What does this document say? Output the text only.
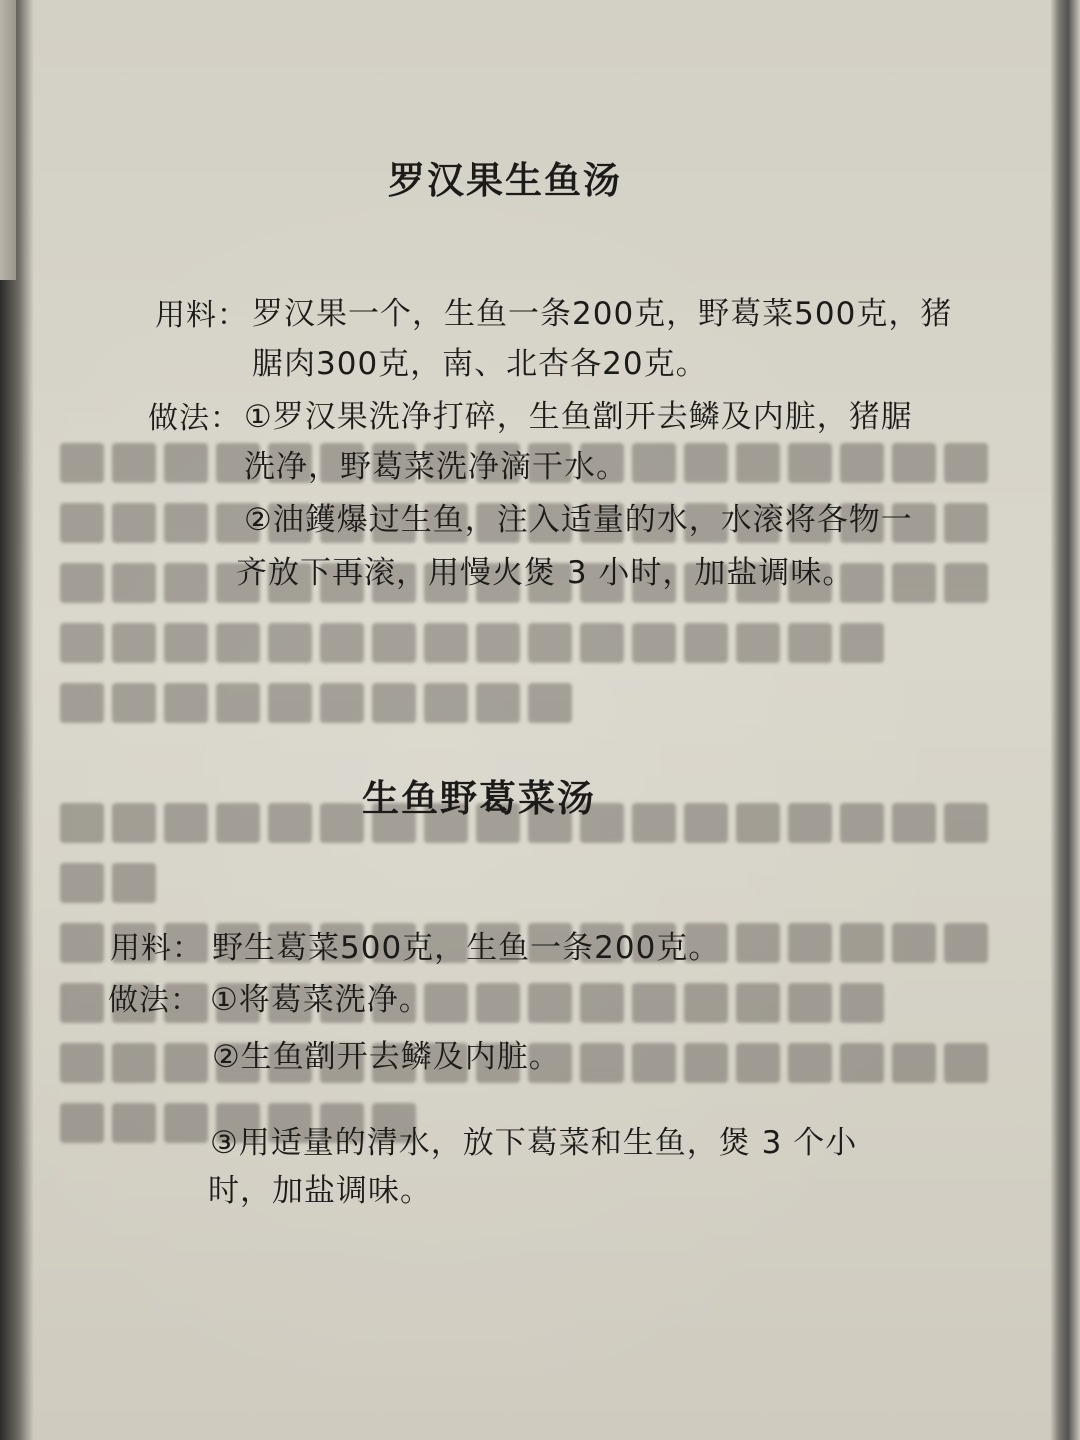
罗汉果生鱼汤
用料： 罗汉果一个，生鱼一条200克，野葛菜500克，猪
腒肉300克，南、北杏各20克。
做法： ①罗汉果洗净打碎，生鱼劏开去鳞及内脏，猪腒
洗净，野葛菜洗净滴干水。
②油鑊爆过生鱼，注入适量的水，水滚将各物一
齐放下再滚，用慢火煲 3 小时，加盐调味。
生鱼野葛菜汤
用料： 野生葛菜500克，生鱼一条200克。
做法： ①将葛菜洗净。
②生鱼劏开去鳞及内脏。
③用适量的清水，放下葛菜和生鱼，煲 3 个小
时，加盐调味。
